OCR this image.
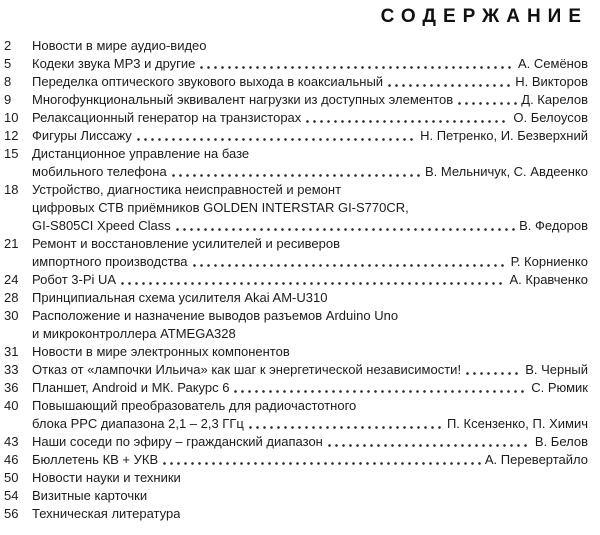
СОДЕРЖАНИЕ
2	Новости в мире аудио-видео
5	Кодеки звука MP3 и другие	А. Семёнов
8	Переделка оптического звукового выхода в коаксиальный	Н. Викторов
9	Многофункциональный эквивалент нагрузки из доступных элементов	Д. Карелов
10	Релаксационный генератор на транзисторах	О. Белоусов
12	Фигуры Лиссажу	Н. Петренко, И. Безверхний
15	Дистанционное управление на базе
мобильного телефона	В. Мельничук, С. Авдеенко
18	Устройство, диагностика неисправностей и ремонт
цифровых СТВ приёмников GOLDEN INTERSTAR GI-S770CR,
GI-S805CI Xpeed Class	В. Федоров
21	Ремонт и восстановление усилителей и ресиверов
импортного производства	Р. Корниенко
24	Робот 3-Pi UA	А. Кравченко
28	Принципиальная схема усилителя Akai AM-U310
30	Расположение и назначение выводов разъемов Arduino Uno
и микроконтроллера ATMEGA328
31	Новости в мире электронных компонентов
33	Отказ от «лампочки Ильича» как шаг к энергетической независимости!	В. Черный
36	Планшет, Android и МК. Ракурс 6	С. Рюмик
40	Повышающий преобразователь для радиочастотного
блока РРС диапазона 2,1 – 2,3 ГГц	П. Ксензенко, П. Химич
43	Наши соседи по эфиру – гражданский диапазон	В. Белов
46	Бюллетень КВ + УКВ	А. Перевертайло
50	Новости науки и техники
54	Визитные карточки
56	Техническая литература
